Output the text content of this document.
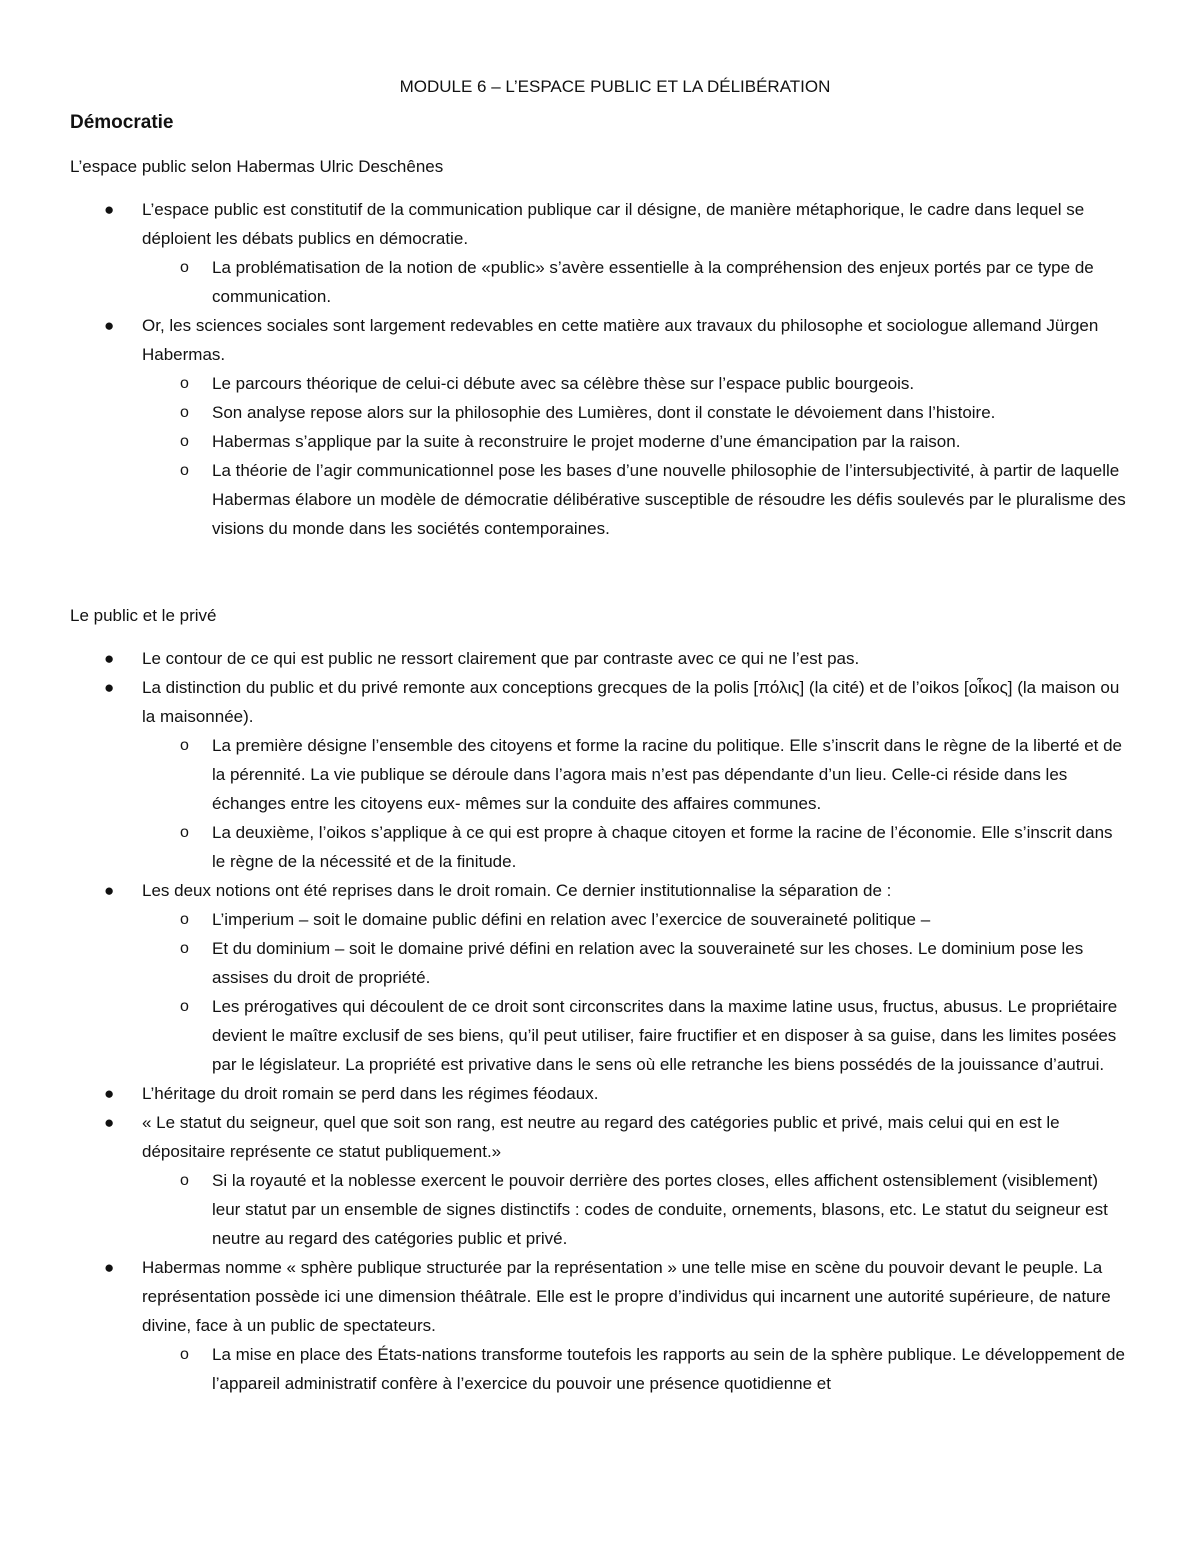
MODULE 6 – L’ESPACE PUBLIC ET LA DÉLIBÉRATION
Démocratie
L’espace public selon Habermas Ulric Deschênes
● L’espace public est constitutif de la communication publique car il désigne, de manière métaphorique, le cadre dans lequel se déploient les débats publics en démocratie.
o La problématisation de la notion de «public» s’avère essentielle à la compréhension des enjeux portés par ce type de communication.
● Or, les sciences sociales sont largement redevables en cette matière aux travaux du philosophe et sociologue allemand Jürgen Habermas.
o Le parcours théorique de celui-ci débute avec sa célèbre thèse sur l’espace public bourgeois.
o Son analyse repose alors sur la philosophie des Lumières, dont il constate le dévoiement dans l’histoire.
o Habermas s’applique par la suite à reconstruire le projet moderne d’une émancipation par la raison.
o La théorie de l’agir communicationnel pose les bases d’une nouvelle philosophie de l’intersubjectivité, à partir de laquelle Habermas élabore un modèle de démocratie délibérative susceptible de résoudre les défis soulevés par le pluralisme des visions du monde dans les sociétés contemporaines.
Le public et le privé
● Le contour de ce qui est public ne ressort clairement que par contraste avec ce qui ne l’est pas.
● La distinction du public et du privé remonte aux conceptions grecques de la polis [πόλις] (la cité) et de l’oikos [οἶκος] (la maison ou la maisonnée).
o La première désigne l’ensemble des citoyens et forme la racine du politique. Elle s’inscrit dans le règne de la liberté et de la pérennité. La vie publique se déroule dans l’agora mais n’est pas dépendante d’un lieu. Celle-ci réside dans les échanges entre les citoyens eux- mêmes sur la conduite des affaires communes.
o La deuxième, l’oikos s’applique à ce qui est propre à chaque citoyen et forme la racine de l’économie. Elle s’inscrit dans le règne de la nécessité et de la finitude.
● Les deux notions ont été reprises dans le droit romain. Ce dernier institutionnalise la séparation de :
o L’imperium – soit le domaine public défini en relation avec l’exercice de souveraineté politique –
o Et du dominium – soit le domaine privé défini en relation avec la souveraineté sur les choses. Le dominium pose les assises du droit de propriété.
o Les prérogatives qui découlent de ce droit sont circonscrites dans la maxime latine usus, fructus, abusus. Le propriétaire devient le maître exclusif de ses biens, qu’il peut utiliser, faire fructifier et en disposer à sa guise, dans les limites posées par le législateur. La propriété est privative dans le sens où elle retranche les biens possédés de la jouissance d’autrui.
● L’héritage du droit romain se perd dans les régimes féodaux.
● « Le statut du seigneur, quel que soit son rang, est neutre au regard des catégories public et privé, mais celui qui en est le dépositaire représente ce statut publiquement.»
o Si la royauté et la noblesse exercent le pouvoir derrière des portes closes, elles affichent ostensiblement (visiblement) leur statut par un ensemble de signes distinctifs : codes de conduite, ornements, blasons, etc. Le statut du seigneur est neutre au regard des catégories public et privé.
● Habermas nomme « sphère publique structurée par la représentation » une telle mise en scène du pouvoir devant le peuple. La représentation possède ici une dimension théâtrale. Elle est le propre d’individus qui incarnent une autorité supérieure, de nature divine, face à un public de spectateurs.
o La mise en place des États-nations transforme toutefois les rapports au sein de la sphère publique. Le développement de l’appareil administratif confère à l’exercice du pouvoir une présence quotidienne et
